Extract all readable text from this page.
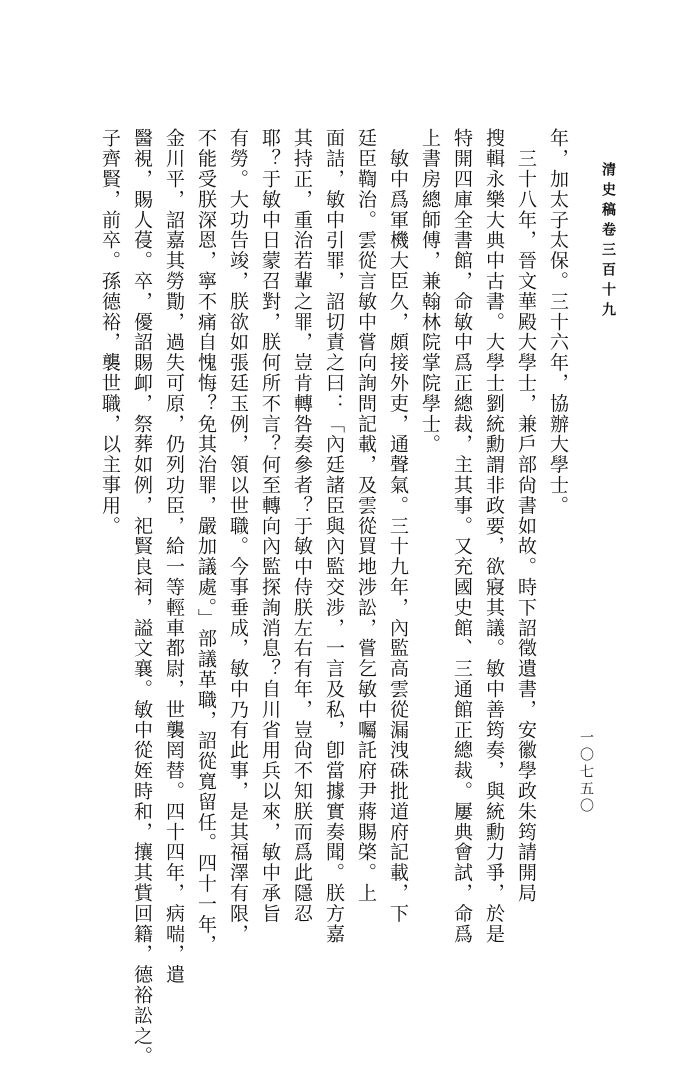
清史稿卷三百十九
一〇七五〇
年，加太子太保。三十六年，協辦大學士。
　三十八年，晉文華殿大學士，兼戶部尙書如故。時下詔徵遺書，安徽學政朱筠請開局
搜輯永樂大典中古書。大學士劉統勳謂非政要，欲寢其議。敏中善筠奏，與統勳力爭，於是
特開四庫全書館，命敏中爲正總裁，主其事。又充國史館、三通館正總裁。屢典會試，命爲
上書房總師傅，兼翰林院掌院學士。
　敏中爲軍機大臣久，頗接外吏，通聲氣。三十九年，內監高雲從漏洩硃批道府記載，下
廷臣鞫治。雲從言敏中嘗向詢問記載，及雲從買地涉訟，嘗乞敏中囑託府尹蔣賜棨。上
面詰，敏中引罪，詔切責之曰：「內廷諸臣與內監交涉，一言及私，卽當據實奏聞。朕方嘉
其持正，重治若輩之罪，豈肯轉咎奏參者？于敏中侍朕左右有年，豈尙不知朕而爲此隱忍
耶？于敏中日蒙召對，朕何所不言？何至轉向內監探詢消息？自川省用兵以來，敏中承旨
有勞。大功告竣，朕欲如張廷玉例，領以世職。今事垂成，敏中乃有此事，是其福澤有限，
不能受朕深恩，寧不痛自愧悔？免其治罪，嚴加議處。」部議革職，詔從寬留任。四十一年，
金川平，詔嘉其勞勩，過失可原，仍列功臣，給一等輕車都尉，世襲罔替。四十四年，病喘，遣
醫視，賜人葠。卒，優詔賜卹，祭葬如例，祀賢良祠，謚文襄。敏中從姪時和，攘其貲回籍，德裕訟之。
子齊賢，前卒。孫德裕，襲世職，以主事用。
